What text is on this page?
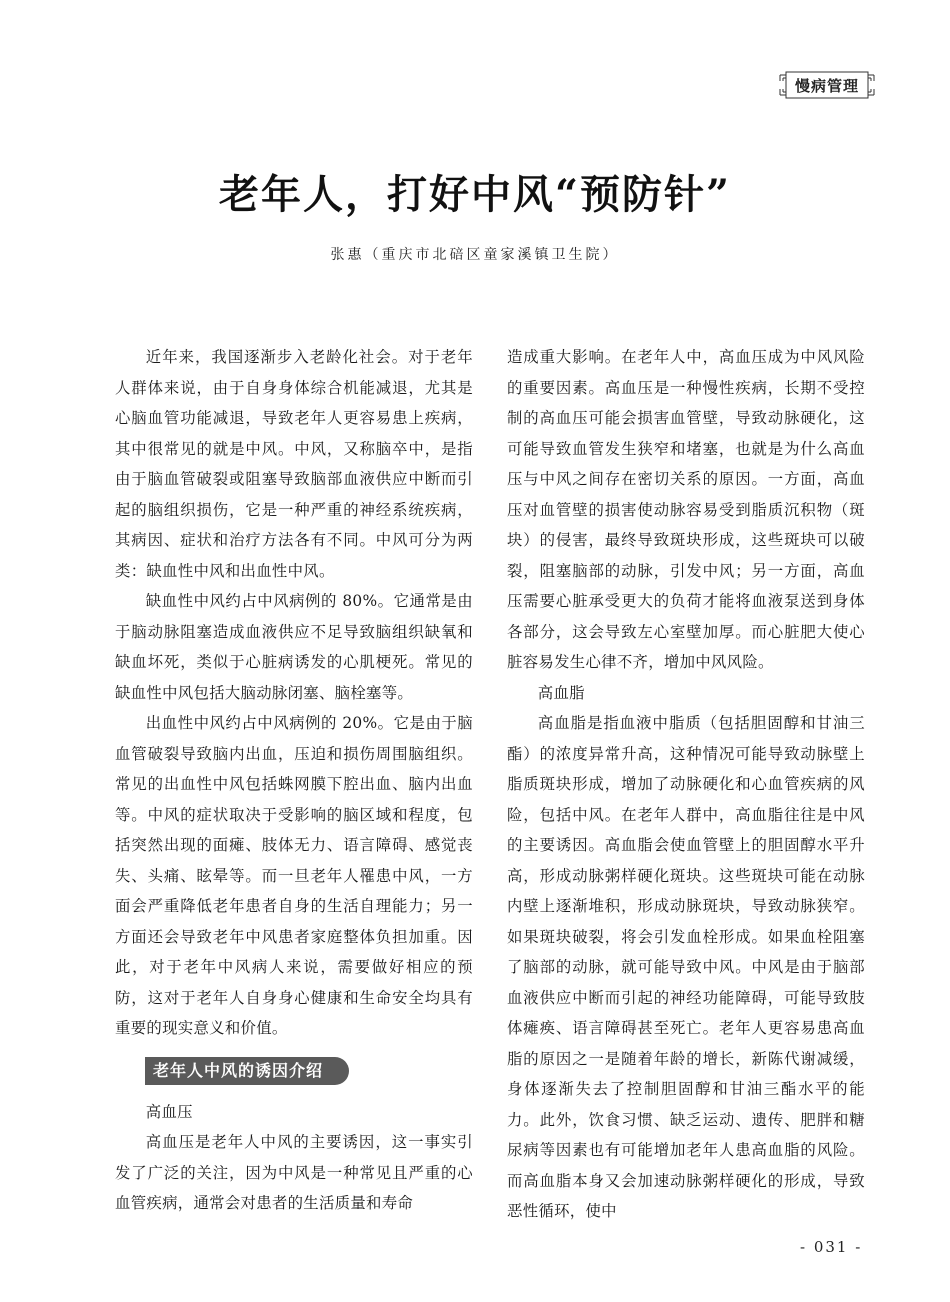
慢病管理
老年人，打好中风“预防针”
张惠（重庆市北碚区童家溪镇卫生院）

近年来，我国逐渐步入老龄化社会。对于老年人群体来说，由于自身身体综合机能减退，尤其是心脑血管功能减退，导致老年人更容易患上疾病，其中很常见的就是中风。中风，又称脑卒中，是指由于脑血管破裂或阻塞导致脑部血液供应中断而引起的脑组织损伤，它是一种严重的神经系统疾病，其病因、症状和治疗方法各有不同。中风可分为两类：缺血性中风和出血性中风。

缺血性中风约占中风病例的 80%。它通常是由于脑动脉阻塞造成血液供应不足导致脑组织缺氧和缺血坏死，类似于心脏病诱发的心肌梗死。常见的缺血性中风包括大脑动脉闭塞、脑栓塞等。

出血性中风约占中风病例的 20%。它是由于脑血管破裂导致脑内出血，压迫和损伤周围脑组织。常见的出血性中风包括蛛网膜下腔出血、脑内出血等。中风的症状取决于受影响的脑区域和程度，包括突然出现的面瘫、肢体无力、语言障碍、感觉丧失、头痛、眩晕等。而一旦老年人罹患中风，一方面会严重降低老年患者自身的生活自理能力；另一方面还会导致老年中风患者家庭整体负担加重。因此，对于老年中风病人来说，需要做好相应的预防，这对于老年人自身身心健康和生命安全均具有重要的现实意义和价值。

老年人中风的诱因介绍
高血压

高血压是老年人中风的主要诱因，这一事实引发了广泛的关注，因为中风是一种常见且严重的心血管疾病，通常会对患者的生活质量和寿命

造成重大影响。在老年人中，高血压成为中风风险的重要因素。高血压是一种慢性疾病，长期不受控制的高血压可能会损害血管壁，导致动脉硬化，这可能导致血管发生狭窄和堵塞，也就是为什么高血压与中风之间存在密切关系的原因。一方面，高血压对血管壁的损害使动脉容易受到脂质沉积物（斑块）的侵害，最终导致斑块形成，这些斑块可以破裂，阻塞脑部的动脉，引发中风；另一方面，高血压需要心脏承受更大的负荷才能将血液泵送到身体各部分，这会导致左心室壁加厚。而心脏肥大使心脏容易发生心律不齐，增加中风风险。

高血脂

高血脂是指血液中脂质（包括胆固醇和甘油三酯）的浓度异常升高，这种情况可能导致动脉壁上脂质斑块形成，增加了动脉硬化和心血管疾病的风险，包括中风。在老年人群中，高血脂往往是中风的主要诱因。高血脂会使血管壁上的胆固醇水平升高，形成动脉粥样硬化斑块。这些斑块可能在动脉内壁上逐渐堆积，形成动脉斑块，导致动脉狭窄。如果斑块破裂，将会引发血栓形成。如果血栓阻塞了脑部的动脉，就可能导致中风。中风是由于脑部血液供应中断而引起的神经功能障碍，可能导致肢体瘫痪、语言障碍甚至死亡。老年人更容易患高血脂的原因之一是随着年龄的增长，新陈代谢减缓，身体逐渐失去了控制胆固醇和甘油三酯水平的能力。此外，饮食习惯、缺乏运动、遗传、肥胖和糖尿病等因素也有可能增加老年人患高血脂的风险。而高血脂本身又会加速动脉粥样硬化的形成，导致恶性循环，使中

- 031 -
